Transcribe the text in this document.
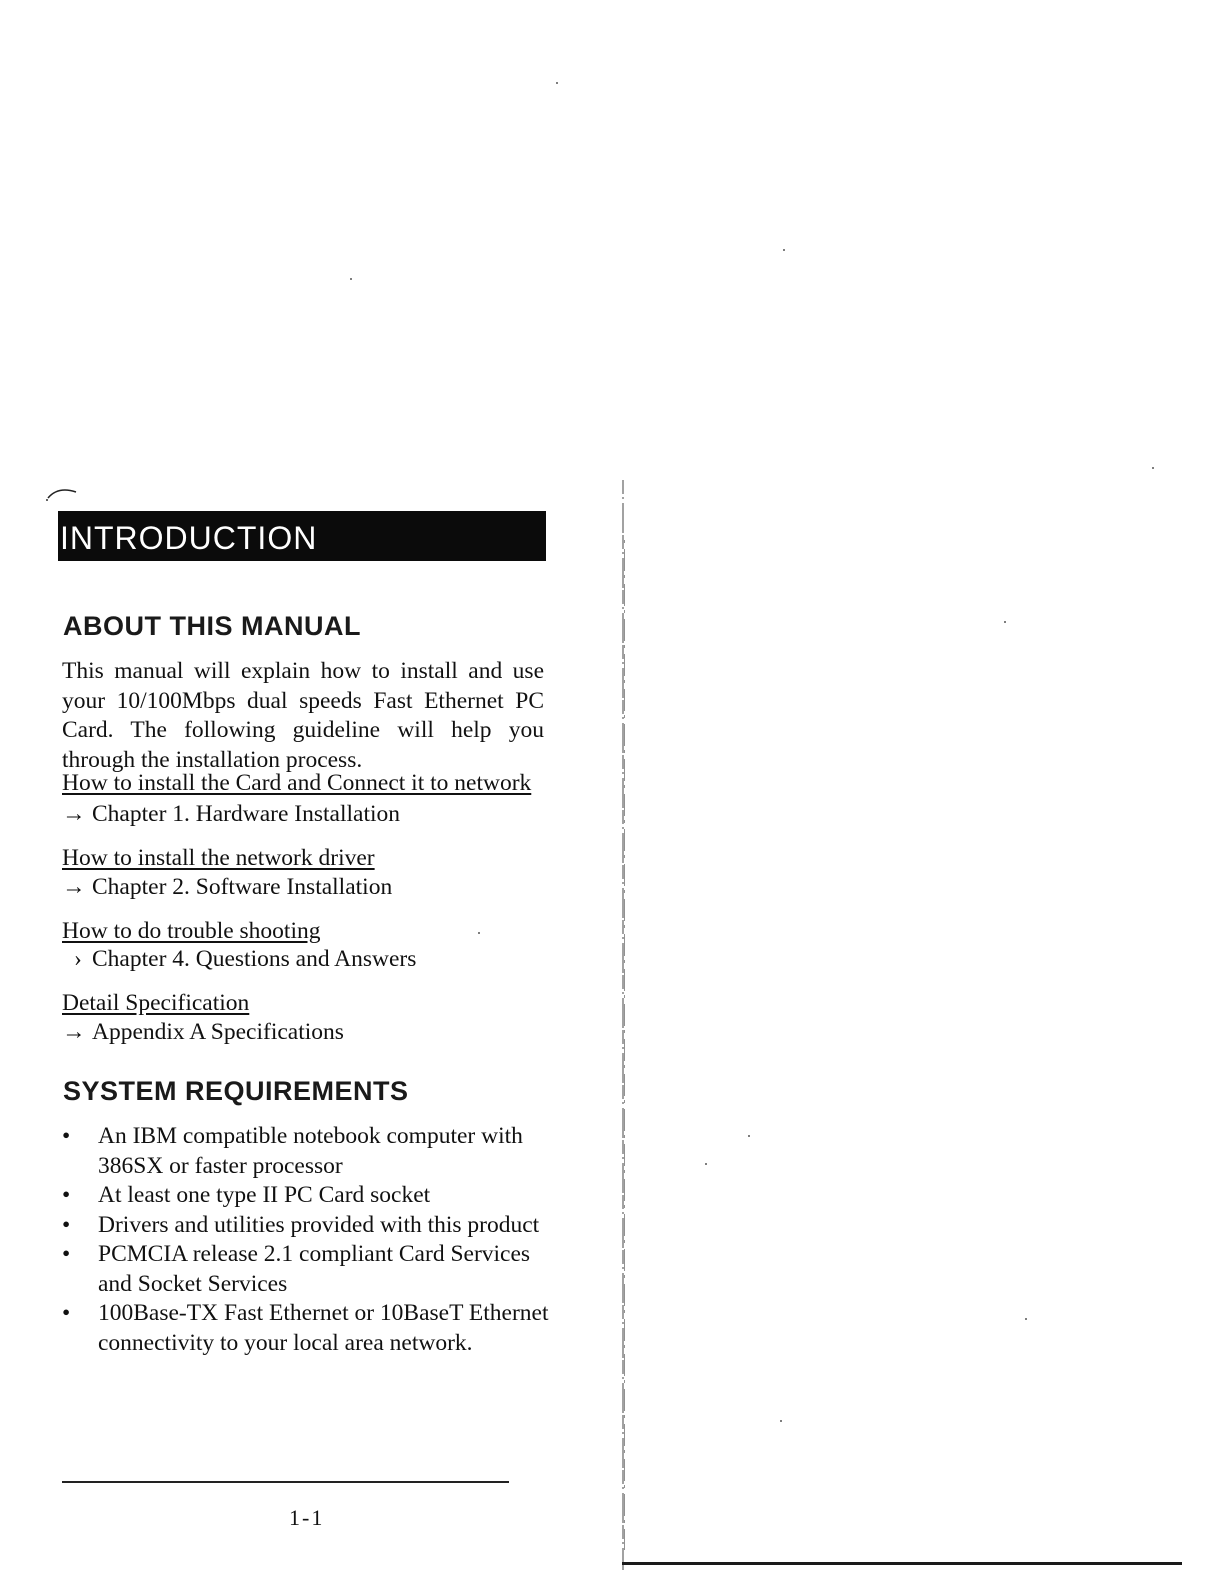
INTRODUCTION
ABOUT THIS MANUAL
This manual will explain how to install and use your 10/100Mbps dual speeds Fast Ethernet PC Card. The following guideline will help you through the installation process.
How to install the Card and Connect it to network
→ Chapter 1. Hardware Installation
How to install the network driver
→ Chapter 2. Software Installation
How to do trouble shooting
› Chapter 4. Questions and Answers
Detail Specification
→ Appendix A Specifications
SYSTEM REQUIREMENTS
•	An IBM compatible notebook computer with 386SX or faster processor
•	At least one type II PC Card socket
•	Drivers and utilities provided with this product
•	PCMCIA release 2.1 compliant Card Services and Socket Services
•	100Base-TX Fast Ethernet or 10BaseT Ethernet connectivity to your local area network.
1-1
